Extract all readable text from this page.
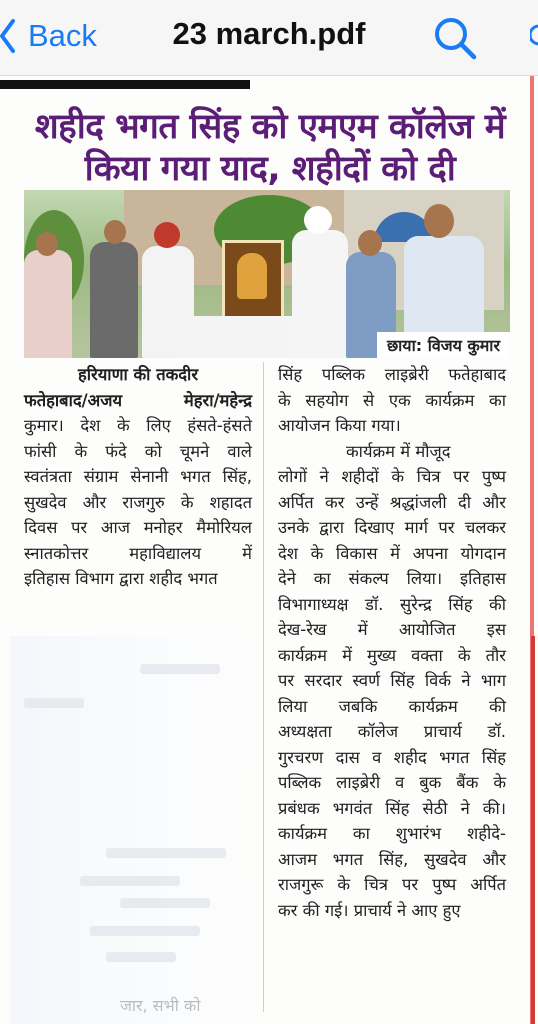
Back	23 march.pdf
शहीद भगत सिंह को एमएम कॉलेज में
किया गया याद, शहीदों को दी
छाया: विजय कुमार
जार, सभी को

हरियाणा की तकदीर

फतेहाबाद/अजय मेहरा/महेन्द्र

कुमार। देश के लिए हंसते-हंसते

फांसी के फंदे को चूमने वाले

स्वतंत्रता संग्राम सेनानी भगत सिंह,

सुखदेव और राजगुरु के शहादत

दिवस पर आज मनोहर मैमोरियल

स्नातकोत्तर महाविद्यालय में

इतिहास विभाग द्वारा शहीद भगत

सिंह पब्लिक लाइब्रेरी फतेहाबाद

के सहयोग से एक कार्यक्रम का

आयोजन किया गया।

कार्यक्रम में मौजूद

लोगों ने शहीदों के चित्र पर पुष्प

अर्पित कर उन्हें श्रद्धांजली दी और

उनके द्वारा दिखाए मार्ग पर चलकर

देश के विकास में अपना योगदान

देने का संकल्प लिया। इतिहास

विभागाध्यक्ष डॉ. सुरेन्द्र सिंह की

देख-रेख में आयोजित इस

कार्यक्रम में मुख्य वक्ता के तौर

पर सरदार स्वर्ण सिंह विर्क ने भाग

लिया जबकि कार्यक्रम की

अध्यक्षता कॉलेज प्राचार्य डॉ.

गुरचरण दास व शहीद भगत सिंह

पब्लिक लाइब्रेरी व बुक बैंक के

प्रबंधक भगवंत सिंह सेठी ने की।

कार्यक्रम का शुभारंभ शहीदे-

आजम भगत सिंह, सुखदेव और

राजगुरू के चित्र पर पुष्प अर्पित

कर की गई। प्राचार्य ने आए हुए
